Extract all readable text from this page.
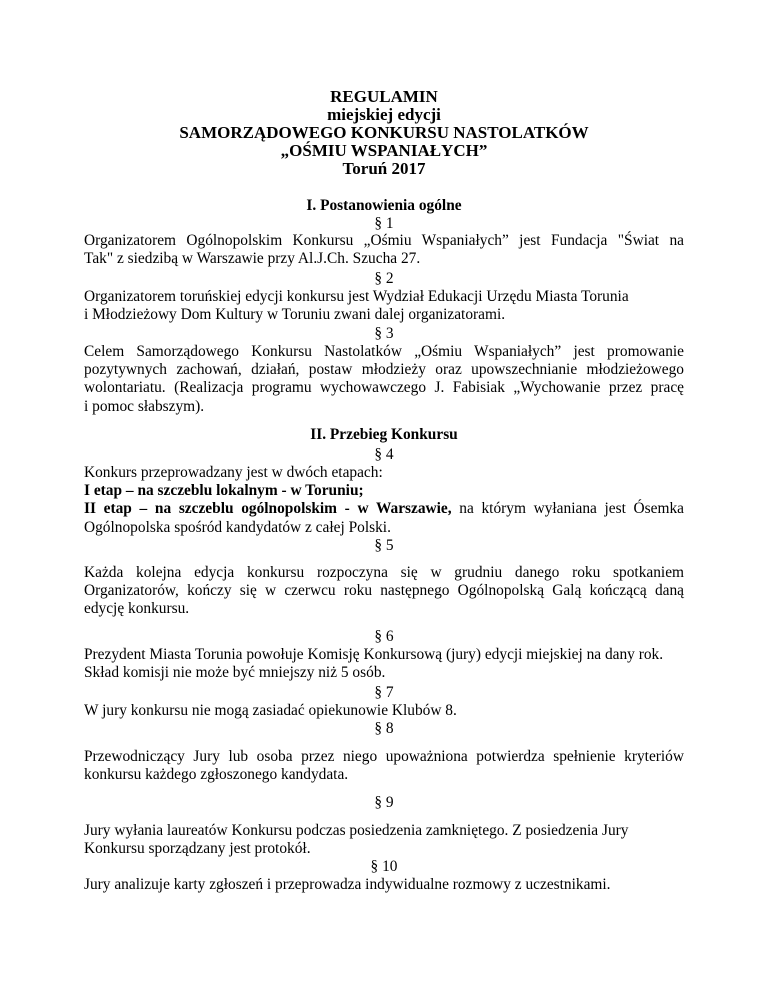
REGULAMIN
miejskiej edycji
SAMORZĄDOWEGO KONKURSU NASTOLATKÓW
„OŚMIU WSPANIAŁYCH”
Toruń 2017
I. Postanowienia ogólne
§ 1
Organizatorem Ogólnopolskim Konkursu „Ośmiu Wspaniałych” jest Fundacja "Świat na
Tak" z siedzibą w Warszawie przy Al.J.Ch. Szucha 27.
§ 2
Organizatorem toruńskiej edycji konkursu jest Wydział Edukacji Urzędu Miasta Torunia
i Młodzieżowy Dom Kultury w Toruniu zwani dalej organizatorami.
§ 3
Celem Samorządowego Konkursu Nastolatków „Ośmiu Wspaniałych” jest promowanie
pozytywnych zachowań, działań, postaw młodzieży oraz upowszechnianie młodzieżowego
wolontariatu. (Realizacja programu wychowawczego J. Fabisiak „Wychowanie przez pracę
i pomoc słabszym).
II. Przebieg Konkursu
§ 4
Konkurs przeprowadzany jest w dwóch etapach:
I etap – na szczeblu lokalnym - w Toruniu;
II etap – na szczeblu ogólnopolskim - w Warszawie, na którym wyłaniana jest Ósemka
Ogólnopolska spośród kandydatów z całej Polski.
§ 5
Każda kolejna edycja konkursu rozpoczyna się w grudniu danego roku spotkaniem
Organizatorów, kończy się w czerwcu roku następnego Ogólnopolską Galą kończącą daną
edycję konkursu.
§ 6
Prezydent Miasta Torunia powołuje Komisję Konkursową (jury) edycji miejskiej na dany rok.
Skład komisji nie może być mniejszy niż 5 osób.
§ 7
W jury konkursu nie mogą zasiadać opiekunowie Klubów 8.
§ 8
Przewodniczący Jury lub osoba przez niego upoważniona potwierdza spełnienie kryteriów
konkursu każdego zgłoszonego kandydata.
§ 9
Jury wyłania laureatów Konkursu podczas posiedzenia zamkniętego. Z posiedzenia Jury
Konkursu sporządzany jest protokół.
§ 10
Jury analizuje karty zgłoszeń i przeprowadza indywidualne rozmowy z uczestnikami.
